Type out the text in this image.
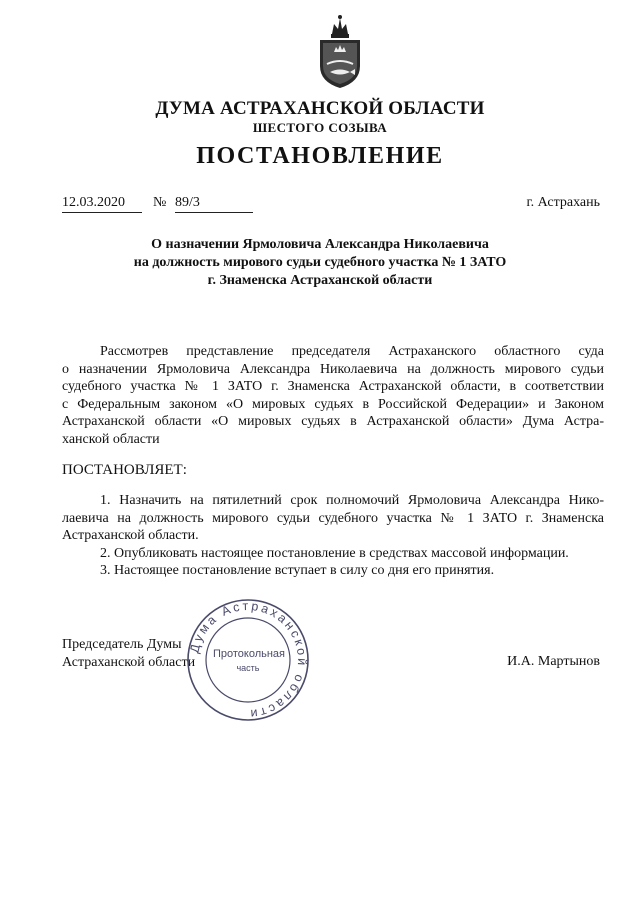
ДУМА АСТРАХАНСКОЙ ОБЛАСТИ
ШЕСТОГО СОЗЫВА
ПОСТАНОВЛЕНИЕ
12.03.2020	№ 89/3	г. Астрахань
О назначении Ярмоловича Александра Николаевича
на должность мирового судьи судебного участка № 1 ЗАТО
г. Знаменска Астраханской области
Рассмотрев представление председателя Астраханского областного суда
о назначении Ярмоловича Александра Николаевича на должность мирового судьи
судебного участка № 1 ЗАТО г. Знаменска Астраханской области, в соответствии
с Федеральным законом «О мировых судьях в Российской Федерации» и Законом
Астраханской области «О мировых судьях в Астраханской области» Дума Астра-
ханской области
ПОСТАНОВЛЯЕТ:
1. Назначить на пятилетний срок полномочий Ярмоловича Александра Нико-
лаевича на должность мирового судьи судебного участка № 1 ЗАТО г. Знаменска
Астраханской области.
2. Опубликовать настоящее постановление в средствах массовой информации.
3. Настоящее постановление вступает в силу со дня его принятия.
Председатель Думы
Астраханской области	И.А. Мартынов
Дума Астраханской области
Протокольная
часть
